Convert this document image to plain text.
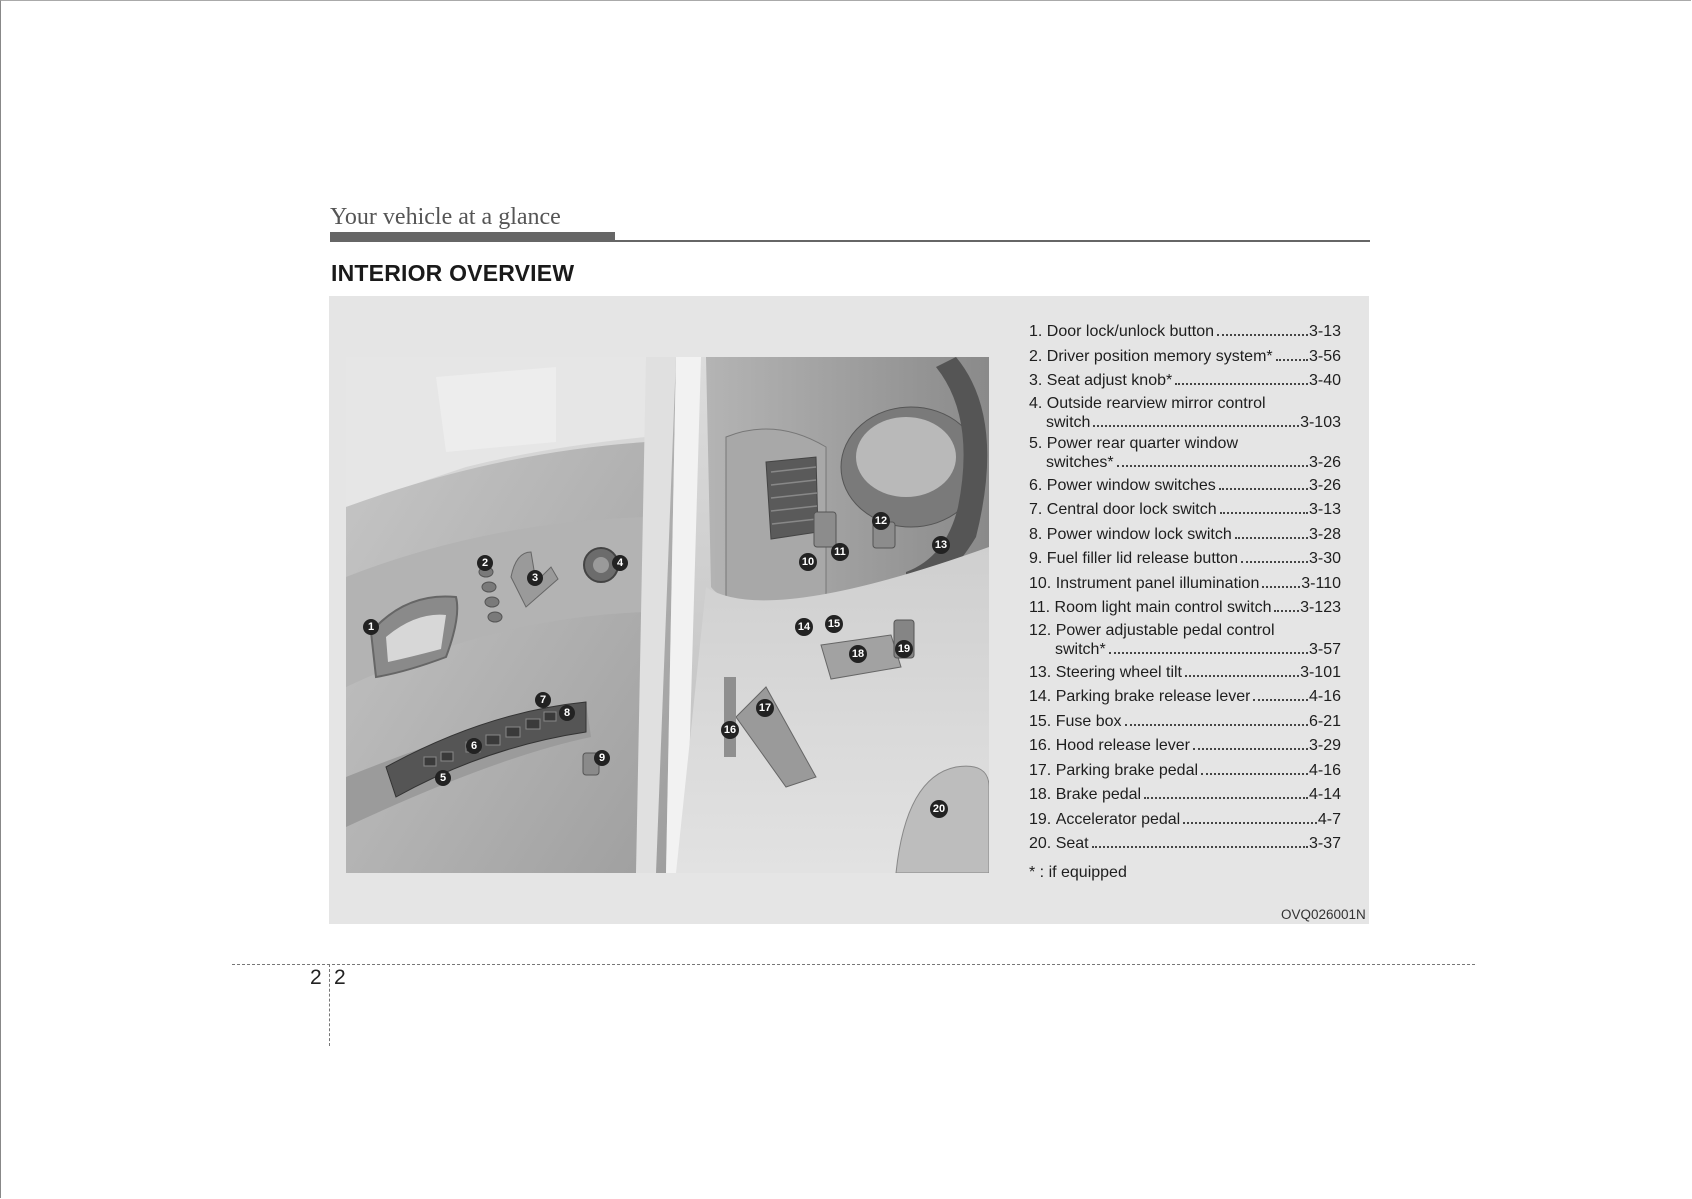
Your vehicle at a glance
INTERIOR OVERVIEW
1
2
3
4
5
6
7
8
9
10
11
12
13
14 15
16
17
18	19
20
1.
Door lock/unlock button	3-13
2.
Driver position memory system* 3-56
3.
Seat adjust knob*	3-40
4. Outside rearview mirror control
switch	3-103
5. Power rear quarter window
switches*	3-26
6.
Power window switches	3-26
7.
Central door lock switch	3-13
8.
Power window lock switch	3-28
9.
Fuel filler lid release button	3-30
10.
Instrument panel illumination	3-110
11.
Room light main control switch 3-123
12. Power adjustable pedal control
switch*	3-57
13.
Steering wheel tilt	3-101
14.
Parking brake release lever	4-16
15.
Fuse box	6-21
16.
Hood release lever	3-29
17.
Parking brake pedal	4-16
18.
Brake pedal	4-14
19.
Accelerator pedal	4-7
20.
Seat	3-37
* : if equipped
OVQ026001N
2 2
